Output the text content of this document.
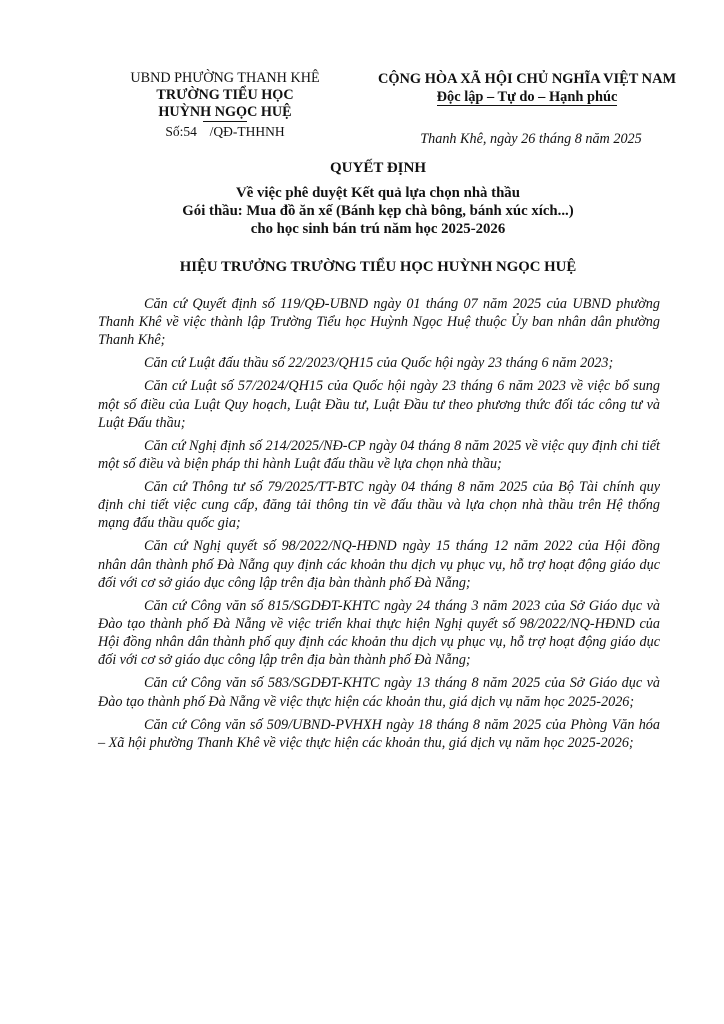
UBND PHƯỜNG THANH KHÊ
TRƯỜNG TIỂU HỌC
HUỲNH NGỌC HUỆ
Số:54 /QĐ-THHNH
CỘNG HÒA XÃ HỘI CHỦ NGHĨA VIỆT NAM
Độc lập – Tự do – Hạnh phúc
Thanh Khê, ngày 26 tháng 8 năm 2025
QUYẾT ĐỊNH
Về việc phê duyệt Kết quả lựa chọn nhà thầu
Gói thầu: Mua đồ ăn xế (Bánh kẹp chà bông, bánh xúc xích...)
cho học sinh bán trú năm học 2025-2026
HIỆU TRƯỞNG TRƯỜNG TIỂU HỌC HUỲNH NGỌC HUỆ

Căn cứ Quyết định số 119/QĐ-UBND ngày 01 tháng 07 năm 2025 của UBND phường Thanh Khê về việc thành lập Trường Tiểu học Huỳnh Ngọc Huệ thuộc Ủy ban nhân dân phường Thanh Khê;

Căn cứ Luật đấu thầu số 22/2023/QH15 của Quốc hội ngày 23 tháng 6 năm 2023;

Căn cứ Luật số 57/2024/QH15 của Quốc hội ngày 23 tháng 6 năm 2023 về việc bổ sung một số điều của Luật Quy hoạch, Luật Đầu tư, Luật Đầu tư theo phương thức đối tác công tư và Luật Đấu thầu;

Căn cứ Nghị định số 214/2025/NĐ-CP ngày 04 tháng 8 năm 2025 về việc quy định chi tiết một số điều và biện pháp thi hành Luật đấu thầu về lựa chọn nhà thầu;

Căn cứ Thông tư số 79/2025/TT-BTC ngày 04 tháng 8 năm 2025 của Bộ Tài chính quy định chi tiết việc cung cấp, đăng tải thông tin về đấu thầu và lựa chọn nhà thầu trên Hệ thống mạng đấu thầu quốc gia;

Căn cứ Nghị quyết số 98/2022/NQ-HĐND ngày 15 tháng 12 năm 2022 của Hội đồng nhân dân thành phố Đà Nẵng quy định các khoản thu dịch vụ phục vụ, hỗ trợ hoạt động giáo dục đối với cơ sở giáo dục công lập trên địa bàn thành phố Đà Nẵng;

Căn cứ Công văn số 815/SGDĐT-KHTC ngày 24 tháng 3 năm 2023 của Sở Giáo dục và Đào tạo thành phố Đà Nẵng về việc triển khai thực hiện Nghị quyết số 98/2022/NQ-HĐND của Hội đồng nhân dân thành phố quy định các khoản thu dịch vụ phục vụ, hỗ trợ hoạt động giáo dục đối với cơ sở giáo dục công lập trên địa bàn thành phố Đà Nẵng;

Căn cứ Công văn số 583/SGDĐT-KHTC ngày 13 tháng 8 năm 2025 của Sở Giáo dục và Đào tạo thành phố Đà Nẵng về việc thực hiện các khoản thu, giá dịch vụ năm học 2025-2026;

Căn cứ Công văn số 509/UBND-PVHXH ngày 18 tháng 8 năm 2025 của Phòng Văn hóa – Xã hội phường Thanh Khê về việc thực hiện các khoản thu, giá dịch vụ năm học 2025-2026;
